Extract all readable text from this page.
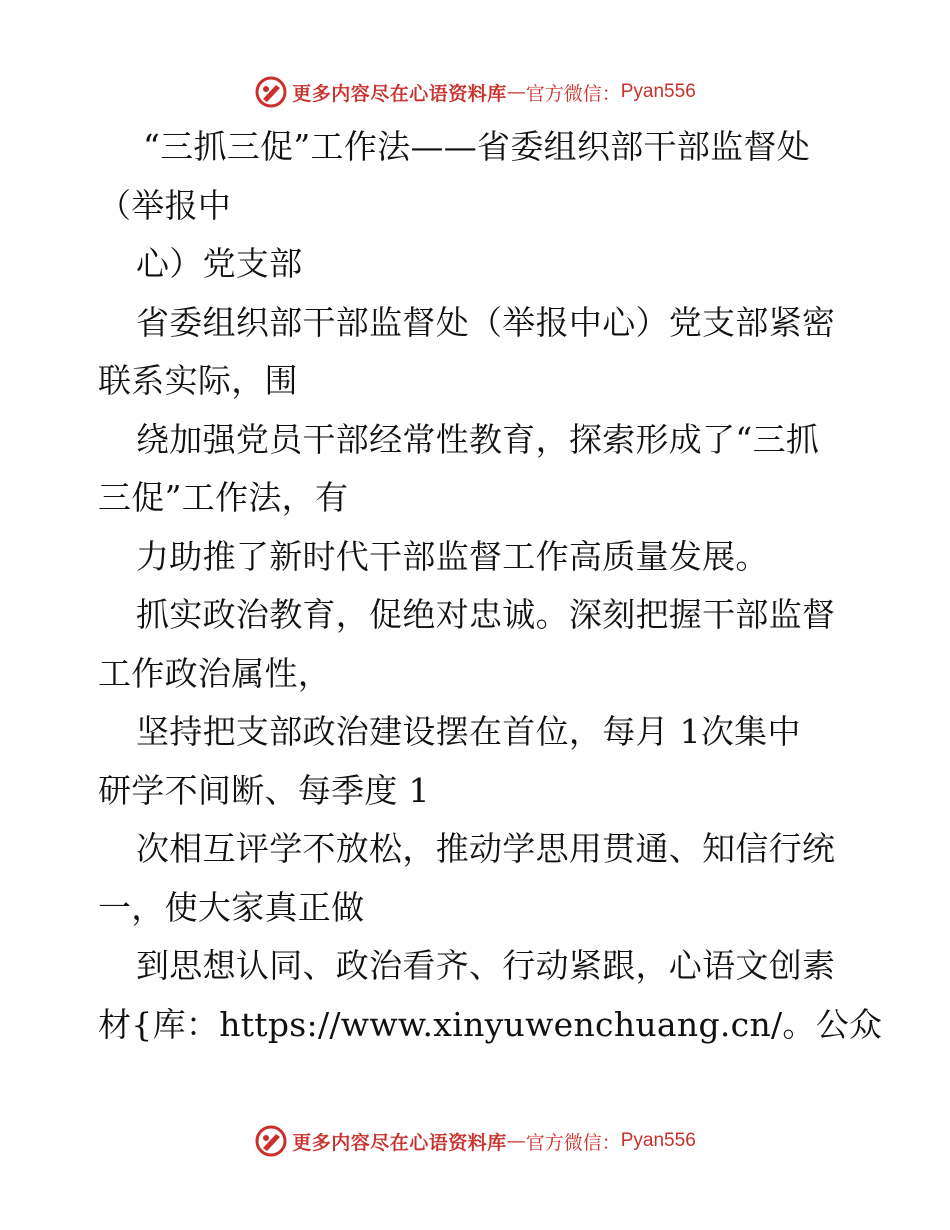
更多内容尽在心语资料库 — 官方微信： Pyan556
“三抓三促”工作法——省委组织部干部监督处
（举报中
心）党支部
省委组织部干部监督处（举报中心）党支部紧密
联系实际，围
绕加强党员干部经常性教育，探索形成了“三抓
三促”工作法，有
力助推了新时代干部监督工作高质量发展。
抓实政治教育，促绝对忠诚。深刻把握干部监督
工作政治属性，
坚持把支部政治建设摆在首位，每月 1次集中
研学不间断、每季度 1
次相互评学不放松，推动学思用贯通、知信行统
一，使大家真正做
到思想认同、政治看齐、行动紧跟，心语文创素
材{库：https://www.xinyuwenchuang.cn/。公众
更多内容尽在心语资料库 — 官方微信： Pyan556
